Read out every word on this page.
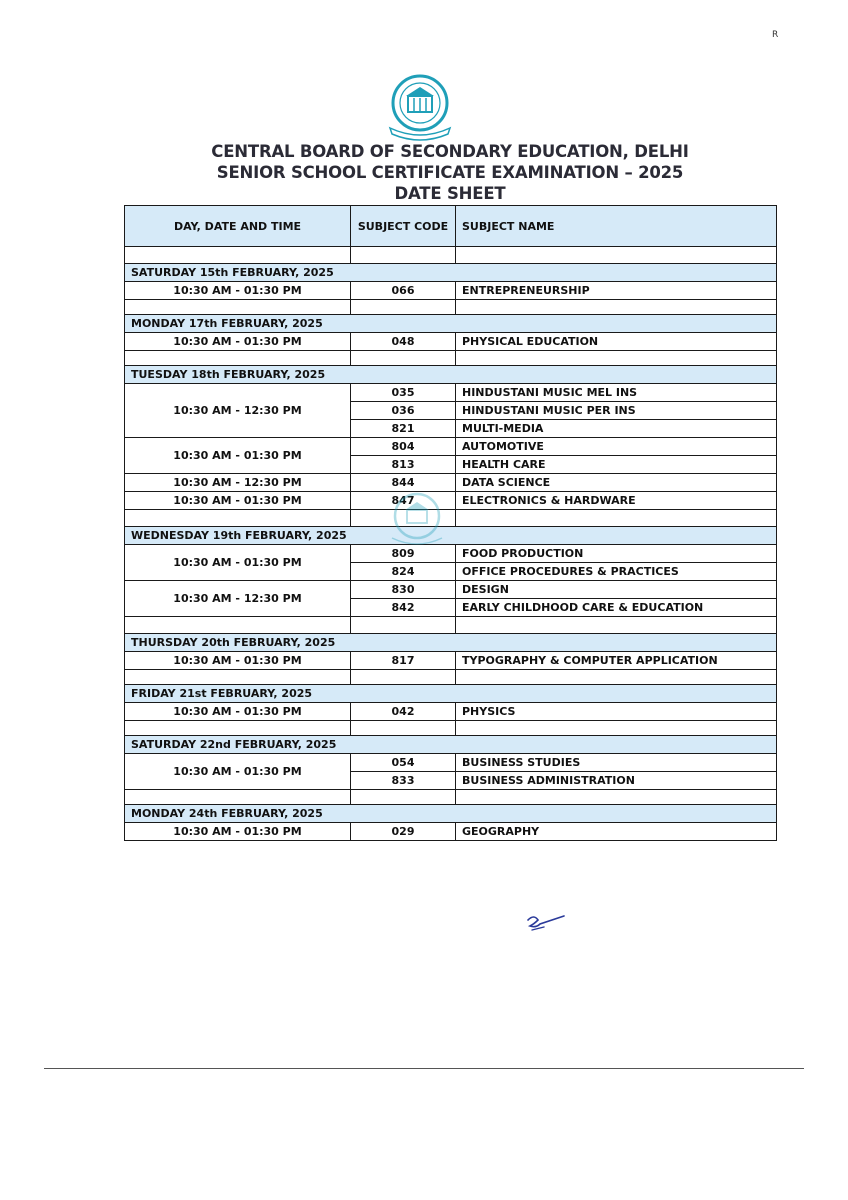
R
CENTRAL BOARD OF SECONDARY EDUCATION, DELHI
SENIOR SCHOOL CERTIFICATE EXAMINATION – 2025
DATE SHEET
DAY, DATE AND TIME	SUBJECT CODE	SUBJECT NAME

SATURDAY 15th FEBRUARY, 2025		
10:30 AM - 01:30 PM	066	ENTREPRENEURSHIP

MONDAY 17th FEBRUARY, 2025		
10:30 AM - 01:30 PM	048	PHYSICAL EDUCATION

TUESDAY 18th FEBRUARY, 2025		
10:30 AM - 12:30 PM	035	HINDUSTANI MUSIC MEL INS
	036	HINDUSTANI MUSIC PER INS
	821	MULTI-MEDIA
10:30 AM - 01:30 PM	804	AUTOMOTIVE
	813	HEALTH CARE
10:30 AM - 12:30 PM	844	DATA SCIENCE
10:30 AM - 01:30 PM	847	ELECTRONICS & HARDWARE

WEDNESDAY 19th FEBRUARY, 2025		
10:30 AM - 01:30 PM	809	FOOD PRODUCTION
	824	OFFICE PROCEDURES & PRACTICES
10:30 AM - 12:30 PM	830	DESIGN
	842	EARLY CHILDHOOD CARE & EDUCATION

THURSDAY 20th FEBRUARY, 2025		
10:30 AM - 01:30 PM	817	TYPOGRAPHY & COMPUTER APPLICATION

FRIDAY 21st FEBRUARY, 2025		
10:30 AM - 01:30 PM	042	PHYSICS

SATURDAY 22nd FEBRUARY, 2025		
10:30 AM - 01:30 PM	054	BUSINESS STUDIES
	833	BUSINESS ADMINISTRATION

MONDAY 24th FEBRUARY, 2025		
10:30 AM - 01:30 PM	029	GEOGRAPHY
